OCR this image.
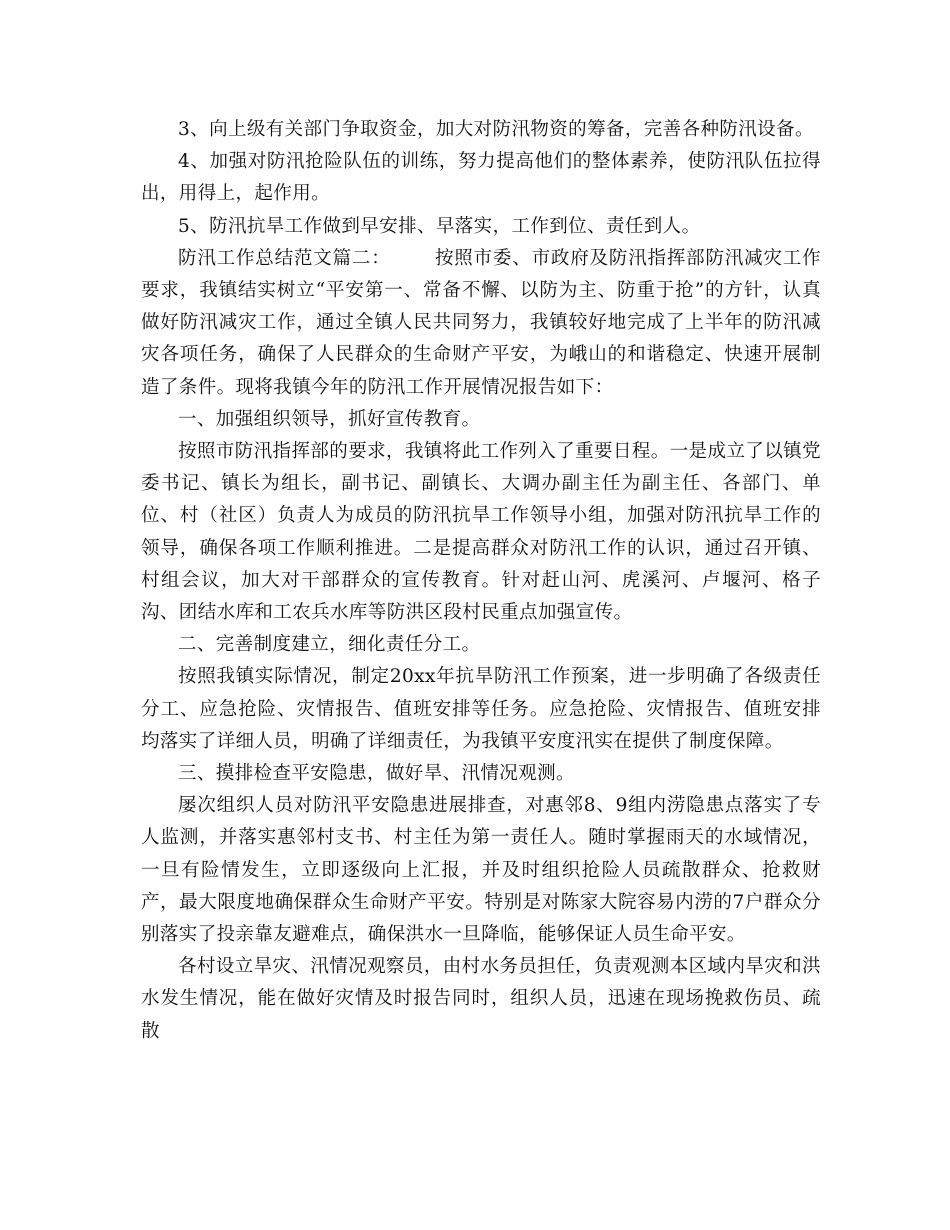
3、向上级有关部门争取资金，加大对防汛物资的筹备，完善各种防汛设备。

4、加强对防汛抢险队伍的训练，努力提高他们的整体素养，使防汛队伍拉得出，用得上，起作用。

5、防汛抗旱工作做到早安排、早落实，工作到位、责任到人。

防汛工作总结范文篇二： 按照市委、市政府及防汛指挥部防汛减灾工作要求，我镇结实树立“平安第一、常备不懈、以防为主、防重于抢”的方针，认真做好防汛减灾工作，通过全镇人民共同努力，我镇较好地完成了上半年的防汛减灾各项任务，确保了人民群众的生命财产平安，为峨山的和谐稳定、快速开展制造了条件。现将我镇今年的防汛工作开展情况报告如下：

一、加强组织领导，抓好宣传教育。

按照市防汛指挥部的要求，我镇将此工作列入了重要日程。一是成立了以镇党委书记、镇长为组长，副书记、副镇长、大调办副主任为副主任、各部门、单位、村（社区）负责人为成员的防汛抗旱工作领导小组，加强对防汛抗旱工作的领导，确保各项工作顺利推进。二是提高群众对防汛工作的认识，通过召开镇、村组会议，加大对干部群众的宣传教育。针对赶山河、虎溪河、卢堰河、格子沟、团结水库和工农兵水库等防洪区段村民重点加强宣传。

二、完善制度建立，细化责任分工。

按照我镇实际情况，制定20xx年抗旱防汛工作预案，进一步明确了各级责任分工、应急抢险、灾情报告、值班安排等任务。应急抢险、灾情报告、值班安排均落实了详细人员，明确了详细责任，为我镇平安度汛实在提供了制度保障。

三、摸排检查平安隐患，做好旱、汛情况观测。

屡次组织人员对防汛平安隐患进展排查，对惠邻8、9组内涝隐患点落实了专人监测，并落实惠邻村支书、村主任为第一责任人。随时掌握雨天的水域情况，一旦有险情发生，立即逐级向上汇报，并及时组织抢险人员疏散群众、抢救财产，最大限度地确保群众生命财产平安。特别是对陈家大院容易内涝的7户群众分别落实了投亲靠友避难点，确保洪水一旦降临，能够保证人员生命平安。

各村设立旱灾、汛情况观察员，由村水务员担任，负责观测本区域内旱灾和洪水发生情况，能在做好灾情及时报告同时，组织人员，迅速在现场挽救伤员、疏散
